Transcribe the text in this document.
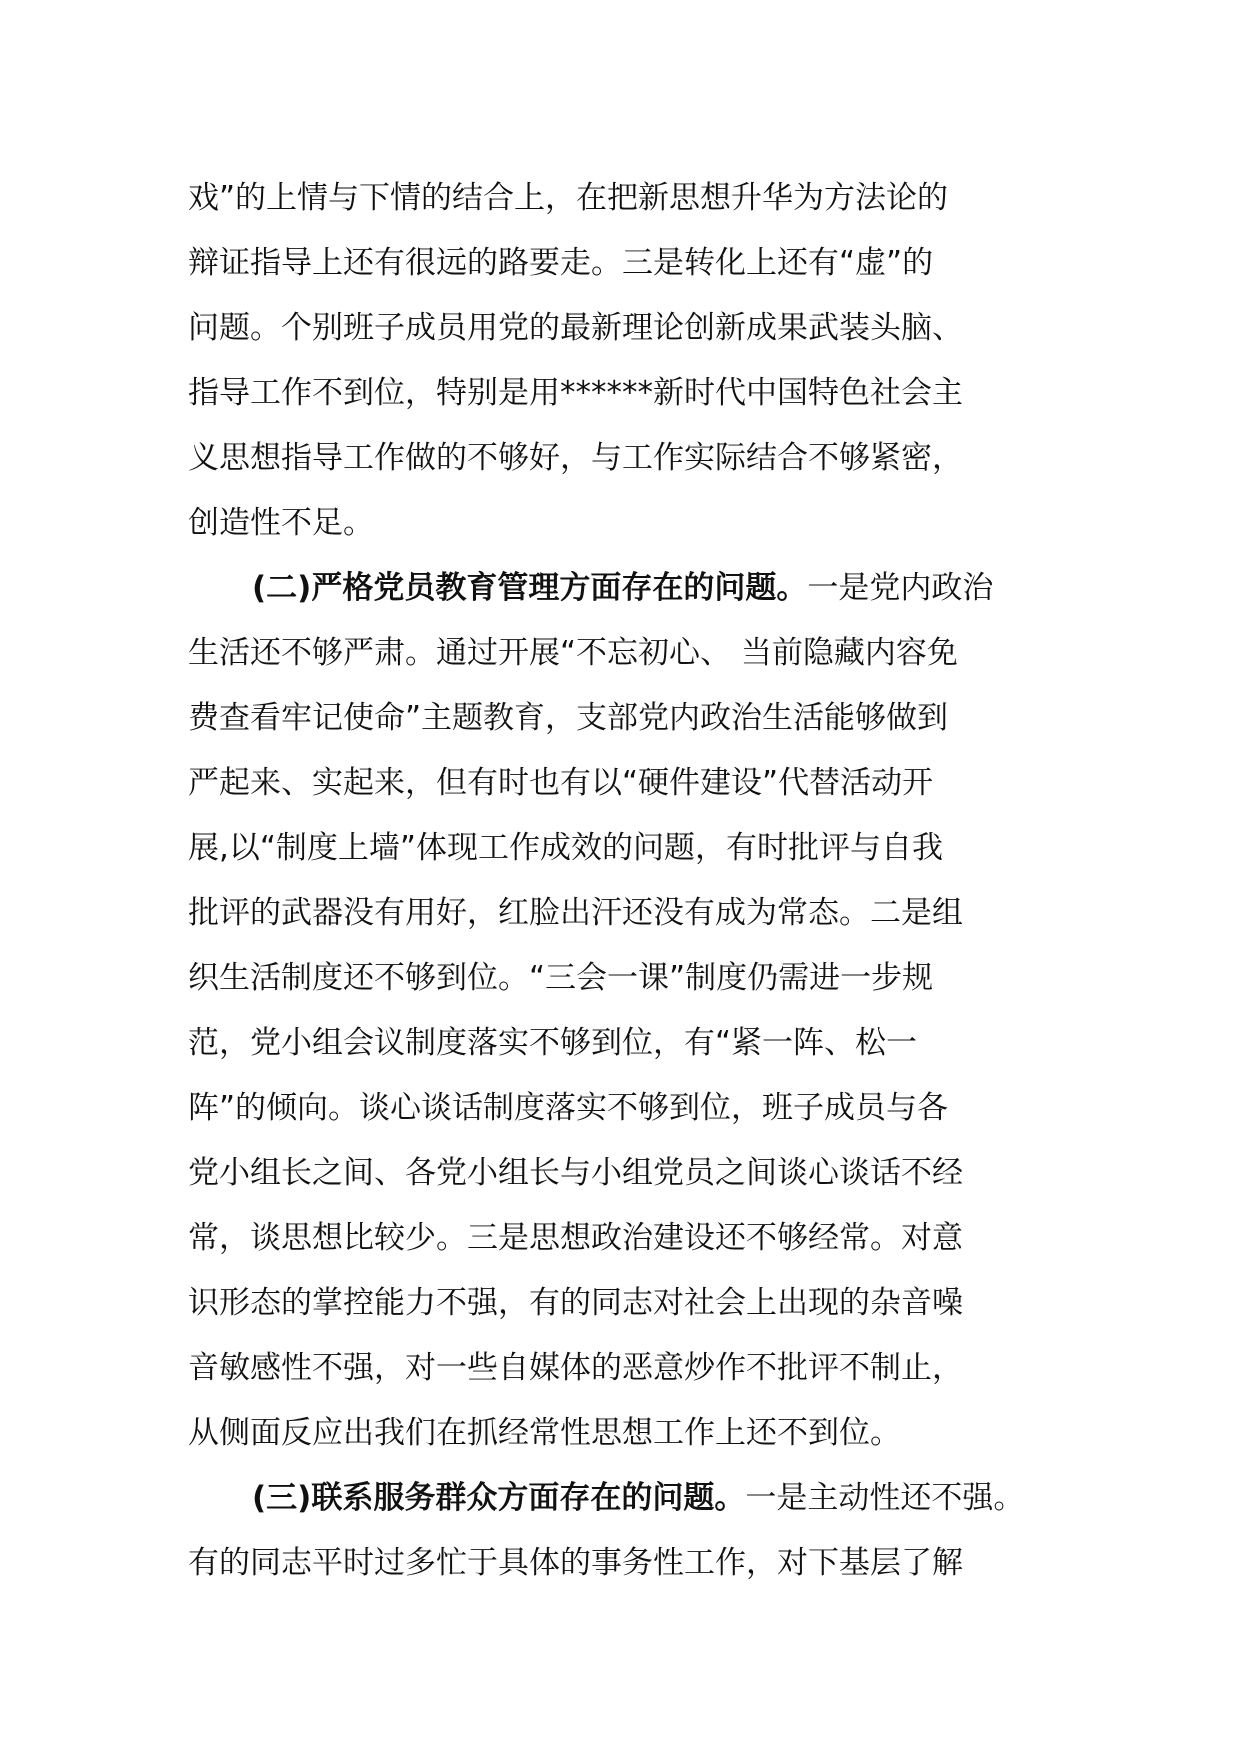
戏”的上情与下情的结合上，在把新思想升华为方法论的
辩证指导上还有很远的路要走。三是转化上还有“虚”的
问题。个别班子成员用党的最新理论创新成果武装头脑、
指导工作不到位，特别是用******新时代中国特色社会主
义思想指导工作做的不够好，与工作实际结合不够紧密，
创造性不足。
(二)严格党员教育管理方面存在的问题。一是党内政治
生活还不够严肃。通过开展“不忘初心、 当前隐藏内容免
费查看牢记使命”主题教育，支部党内政治生活能够做到
严起来、实起来，但有时也有以“硬件建设”代替活动开
展,以“制度上墙”体现工作成效的问题，有时批评与自我
批评的武器没有用好，红脸出汗还没有成为常态。二是组
织生活制度还不够到位。“三会一课”制度仍需进一步规
范，党小组会议制度落实不够到位，有“紧一阵、松一
阵”的倾向。谈心谈话制度落实不够到位，班子成员与各
党小组长之间、各党小组长与小组党员之间谈心谈话不经
常，谈思想比较少。三是思想政治建设还不够经常。对意
识形态的掌控能力不强，有的同志对社会上出现的杂音噪
音敏感性不强，对一些自媒体的恶意炒作不批评不制止，
从侧面反应出我们在抓经常性思想工作上还不到位。
(三)联系服务群众方面存在的问题。一是主动性还不强。
有的同志平时过多忙于具体的事务性工作，对下基层了解
